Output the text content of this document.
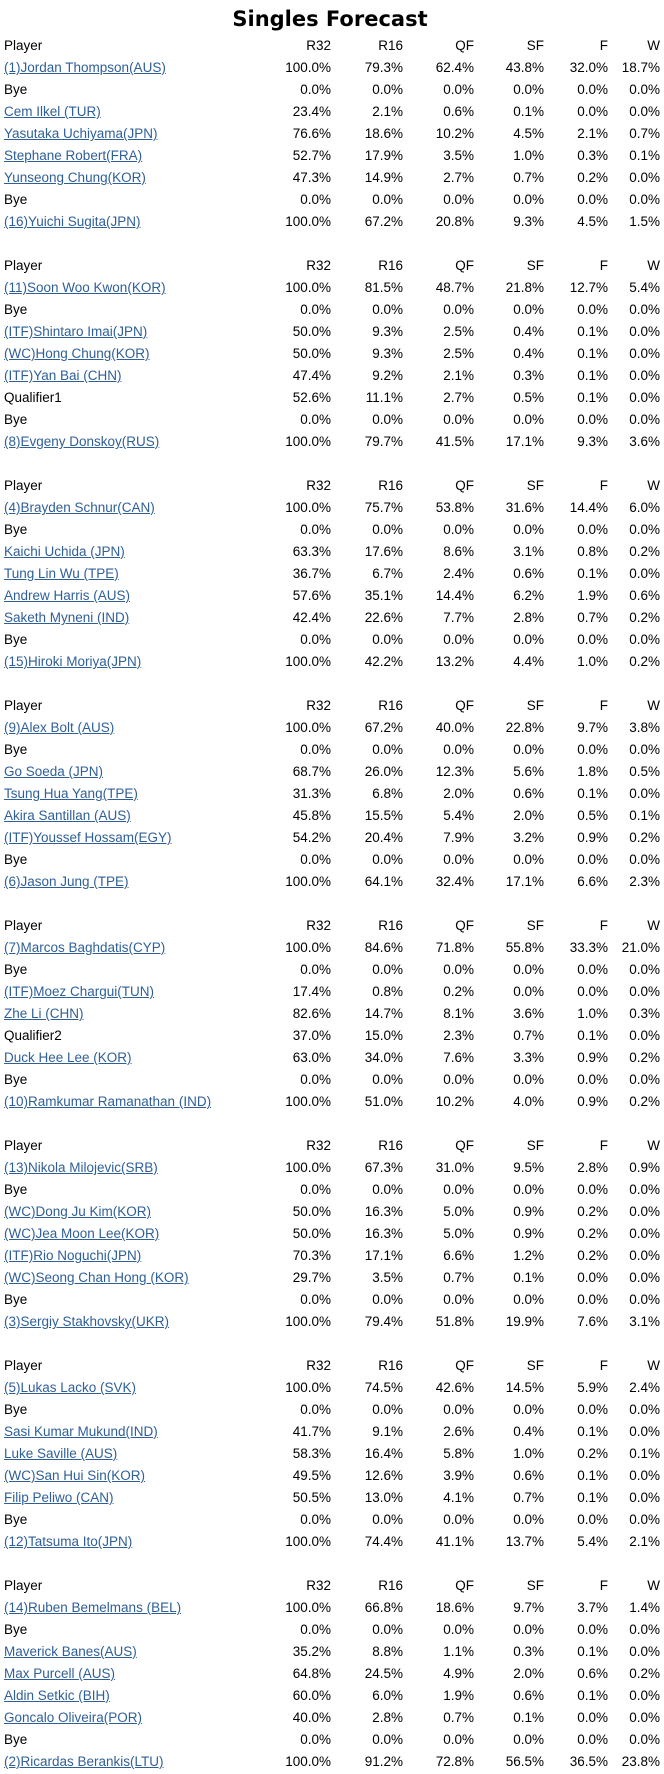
Singles Forecast
Player	R32	R16	QF	SF	F	W
(1)Jordan Thompson(AUS)	100.0%	79.3%	62.4%	43.8%	32.0%	18.7%
Bye	0.0%	0.0%	0.0%	0.0%	0.0%	0.0%
Cem Ilkel (TUR)	23.4%	2.1%	0.6%	0.1%	0.0%	0.0%
Yasutaka Uchiyama(JPN)	76.6%	18.6%	10.2%	4.5%	2.1%	0.7%
Stephane Robert(FRA)	52.7%	17.9%	3.5%	1.0%	0.3%	0.1%
Yunseong Chung(KOR)	47.3%	14.9%	2.7%	0.7%	0.2%	0.0%
Bye	0.0%	0.0%	0.0%	0.0%	0.0%	0.0%
(16)Yuichi Sugita(JPN)	100.0%	67.2%	20.8%	9.3%	4.5%	1.5%

Player	R32	R16	QF	SF	F	W
(11)Soon Woo Kwon(KOR)	100.0%	81.5%	48.7%	21.8%	12.7%	5.4%
Bye	0.0%	0.0%	0.0%	0.0%	0.0%	0.0%
(ITF)Shintaro Imai(JPN)	50.0%	9.3%	2.5%	0.4%	0.1%	0.0%
(WC)Hong Chung(KOR)	50.0%	9.3%	2.5%	0.4%	0.1%	0.0%
(ITF)Yan Bai (CHN)	47.4%	9.2%	2.1%	0.3%	0.1%	0.0%
Qualifier1	52.6%	11.1%	2.7%	0.5%	0.1%	0.0%
Bye	0.0%	0.0%	0.0%	0.0%	0.0%	0.0%
(8)Evgeny Donskoy(RUS)	100.0%	79.7%	41.5%	17.1%	9.3%	3.6%

Player	R32	R16	QF	SF	F	W
(4)Brayden Schnur(CAN)	100.0%	75.7%	53.8%	31.6%	14.4%	6.0%
Bye	0.0%	0.0%	0.0%	0.0%	0.0%	0.0%
Kaichi Uchida (JPN)	63.3%	17.6%	8.6%	3.1%	0.8%	0.2%
Tung Lin Wu (TPE)	36.7%	6.7%	2.4%	0.6%	0.1%	0.0%
Andrew Harris (AUS)	57.6%	35.1%	14.4%	6.2%	1.9%	0.6%
Saketh Myneni (IND)	42.4%	22.6%	7.7%	2.8%	0.7%	0.2%
Bye	0.0%	0.0%	0.0%	0.0%	0.0%	0.0%
(15)Hiroki Moriya(JPN)	100.0%	42.2%	13.2%	4.4%	1.0%	0.2%

Player	R32	R16	QF	SF	F	W
(9)Alex Bolt (AUS)	100.0%	67.2%	40.0%	22.8%	9.7%	3.8%
Bye	0.0%	0.0%	0.0%	0.0%	0.0%	0.0%
Go Soeda (JPN)	68.7%	26.0%	12.3%	5.6%	1.8%	0.5%
Tsung Hua Yang(TPE)	31.3%	6.8%	2.0%	0.6%	0.1%	0.0%
Akira Santillan (AUS)	45.8%	15.5%	5.4%	2.0%	0.5%	0.1%
(ITF)Youssef Hossam(EGY)	54.2%	20.4%	7.9%	3.2%	0.9%	0.2%
Bye	0.0%	0.0%	0.0%	0.0%	0.0%	0.0%
(6)Jason Jung (TPE)	100.0%	64.1%	32.4%	17.1%	6.6%	2.3%

Player	R32	R16	QF	SF	F	W
(7)Marcos Baghdatis(CYP)	100.0%	84.6%	71.8%	55.8%	33.3%	21.0%
Bye	0.0%	0.0%	0.0%	0.0%	0.0%	0.0%
(ITF)Moez Chargui(TUN)	17.4%	0.8%	0.2%	0.0%	0.0%	0.0%
Zhe Li (CHN)	82.6%	14.7%	8.1%	3.6%	1.0%	0.3%
Qualifier2	37.0%	15.0%	2.3%	0.7%	0.1%	0.0%
Duck Hee Lee (KOR)	63.0%	34.0%	7.6%	3.3%	0.9%	0.2%
Bye	0.0%	0.0%	0.0%	0.0%	0.0%	0.0%
(10)Ramkumar Ramanathan (IND)	100.0%	51.0%	10.2%	4.0%	0.9%	0.2%

Player	R32	R16	QF	SF	F	W
(13)Nikola Milojevic(SRB)	100.0%	67.3%	31.0%	9.5%	2.8%	0.9%
Bye	0.0%	0.0%	0.0%	0.0%	0.0%	0.0%
(WC)Dong Ju Kim(KOR)	50.0%	16.3%	5.0%	0.9%	0.2%	0.0%
(WC)Jea Moon Lee(KOR)	50.0%	16.3%	5.0%	0.9%	0.2%	0.0%
(ITF)Rio Noguchi(JPN)	70.3%	17.1%	6.6%	1.2%	0.2%	0.0%
(WC)Seong Chan Hong (KOR)	29.7%	3.5%	0.7%	0.1%	0.0%	0.0%
Bye	0.0%	0.0%	0.0%	0.0%	0.0%	0.0%
(3)Sergiy Stakhovsky(UKR)	100.0%	79.4%	51.8%	19.9%	7.6%	3.1%

Player	R32	R16	QF	SF	F	W
(5)Lukas Lacko (SVK)	100.0%	74.5%	42.6%	14.5%	5.9%	2.4%
Bye	0.0%	0.0%	0.0%	0.0%	0.0%	0.0%
Sasi Kumar Mukund(IND)	41.7%	9.1%	2.6%	0.4%	0.1%	0.0%
Luke Saville (AUS)	58.3%	16.4%	5.8%	1.0%	0.2%	0.1%
(WC)San Hui Sin(KOR)	49.5%	12.6%	3.9%	0.6%	0.1%	0.0%
Filip Peliwo (CAN)	50.5%	13.0%	4.1%	0.7%	0.1%	0.0%
Bye	0.0%	0.0%	0.0%	0.0%	0.0%	0.0%
(12)Tatsuma Ito(JPN)	100.0%	74.4%	41.1%	13.7%	5.4%	2.1%

Player	R32	R16	QF	SF	F	W
(14)Ruben Bemelmans (BEL)	100.0%	66.8%	18.6%	9.7%	3.7%	1.4%
Bye	0.0%	0.0%	0.0%	0.0%	0.0%	0.0%
Maverick Banes(AUS)	35.2%	8.8%	1.1%	0.3%	0.1%	0.0%
Max Purcell (AUS)	64.8%	24.5%	4.9%	2.0%	0.6%	0.2%
Aldin Setkic (BIH)	60.0%	6.0%	1.9%	0.6%	0.1%	0.0%
Goncalo Oliveira(POR)	40.0%	2.8%	0.7%	0.1%	0.0%	0.0%
Bye	0.0%	0.0%	0.0%	0.0%	0.0%	0.0%
(2)Ricardas Berankis(LTU)	100.0%	91.2%	72.8%	56.5%	36.5%	23.8%
